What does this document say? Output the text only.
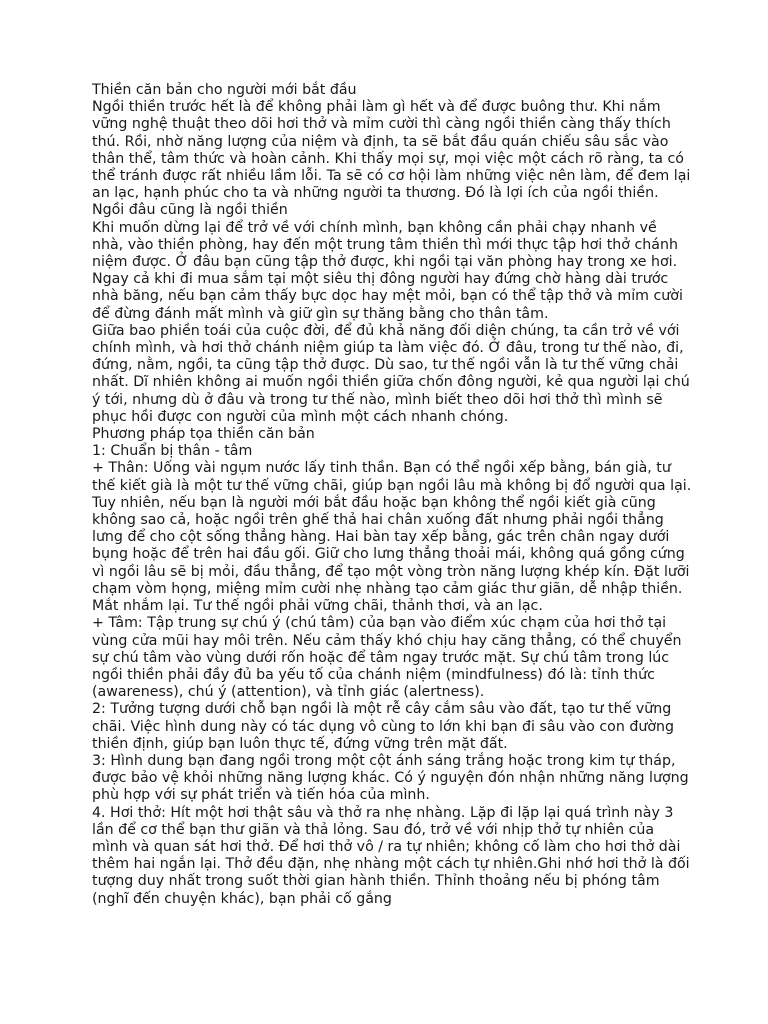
Thiền căn bản cho người mới bắt đầu

Ngồi thiền trước hết là để không phải làm gì hết và để được buông thư. Khi nắm vững nghệ thuật theo dõi hơi thở và mỉm cười thì càng ngồi thiền càng thấy thích thú. Rồi, nhờ năng lượng của niệm và định, ta sẽ bắt đầu quán chiếu sâu sắc vào thân thể, tâm thức và hoàn cảnh. Khi thấy mọi sự, mọi việc một cách rõ ràng, ta có thể tránh được rất nhiều lầm lỗi. Ta sẽ có cơ hội làm những việc nên làm, để đem lại an lạc, hạnh phúc cho ta và những người ta thương. Đó là lợi ích của ngồi thiền.

Ngồi đâu cũng là ngồi thiền

Khi muốn dừng lại để trở về với chính mình, bạn không cần phải chạy nhanh về nhà, vào thiền phòng, hay đến một trung tâm thiền thì mới thực tập hơi thở chánh niệm được. Ở đâu bạn cũng tập thở được, khi ngồi tại văn phòng hay trong xe hơi. Ngay cả khi đi mua sắm tại một siêu thị đông người hay đứng chờ hàng dài trước nhà băng, nếu bạn cảm thấy bực dọc hay mệt mỏi, bạn có thể tập thở và mỉm cười để đừng đánh mất mình và giữ gìn sự thăng bằng cho thân tâm.

Giữa bao phiền toái của cuộc đời, để đủ khả năng đối diện chúng, ta cần trở về với chính mình, và hơi thở chánh niệm giúp ta làm việc đó. Ở đâu, trong tư thế nào, đi, đứng, nằm, ngồi, ta cũng tập thở được. Dù sao, tư thế ngồi vẫn là tư thế vững chải nhất. Dĩ nhiên không ai muốn ngồi thiền giữa chốn đông người, kẻ qua người lại chú ý tới, nhưng dù ở đâu và trong tư thế nào, mình biết theo dõi hơi thở thì mình sẽ phục hồi được con người của mình một cách nhanh chóng.

Phương pháp tọa thiền căn bản

1: Chuẩn bị thân - tâm

+ Thân: Uống vài ngụm nước lấy tinh thần. Bạn có thể ngồi xếp bằng, bán già, tư thế kiết già là một tư thế vững chãi, giúp bạn ngồi lâu mà không bị đổ người qua lại. Tuy nhiên, nếu bạn là người mới bắt đầu hoặc bạn không thể ngồi kiết già cũng không sao cả, hoặc ngồi trên ghế thả hai chân xuống đất nhưng phải ngồi thẳng lưng để cho cột sống thẳng hàng. Hai bàn tay xếp bằng, gác trên chân ngay dưới bụng hoặc để trên hai đầu gối. Giữ cho lưng thẳng thoải mái, không quá gồng cứng vì ngồi lâu sẽ bị mỏi, đầu thẳng, để tạo một vòng tròn năng lượng khép kín. Đặt lưỡi chạm vòm họng, miệng mỉm cười nhẹ nhàng tạo cảm giác thư giãn, dễ nhập thiền. Mắt nhắm lại. Tư thế ngồi phải vững chãi, thảnh thơi, và an lạc.

+ Tâm: Tập trung sự chú ý (chú tâm) của bạn vào điểm xúc chạm của hơi thở tại vùng cửa mũi hay môi trên. Nếu cảm thấy khó chịu hay căng thẳng, có thể chuyển sự chú tâm vào vùng dưới rốn hoặc để tâm ngay trước mặt. Sự chú tâm trong lúc ngồi thiền phải đầy đủ ba yếu tố của chánh niệm (mindfulness) đó là: tỉnh thức (awareness), chú ý (attention), và tỉnh giác (alertness).

2: Tưởng tượng dưới chỗ bạn ngồi là một rễ cây cắm sâu vào đất, tạo tư thế vững chãi. Việc hình dung này có tác dụng vô cùng to lớn khi bạn đi sâu vào con đường thiền định, giúp bạn luôn thực tế, đứng vững trên mặt đất.

3: Hình dung bạn đang ngồi trong một cột ánh sáng trắng hoặc trong kim tự tháp, được bảo vệ khỏi những năng lượng khác. Có ý nguyện đón nhận những năng lượng phù hợp với sự phát triển và tiến hóa của mình.

4. Hơi thở: Hít một hơi thật sâu và thở ra nhẹ nhàng. Lặp đi lặp lại quá trình này 3 lần để cơ thể bạn thư giãn và thả lỏng. Sau đó, trở về với nhịp thở tự nhiên của mình và quan sát hơi thở. Để hơi thở vô / ra tự nhiên; không cố làm cho hơi thở dài thêm hai ngắn lại. Thở đều đặn, nhẹ nhàng một cách tự nhiên.Ghi nhớ hơi thở là đối tượng duy nhất trong suốt thời gian hành thiền. Thỉnh thoảng nếu bị phóng tâm (nghĩ đến chuyện khác), bạn phải cố gắng
